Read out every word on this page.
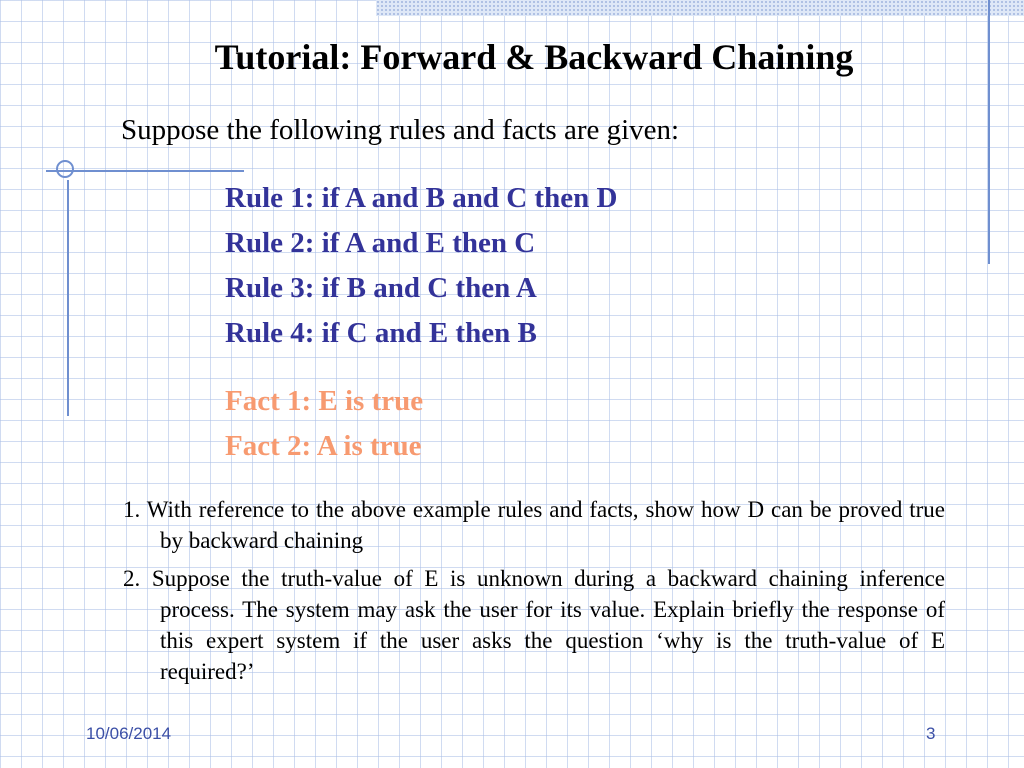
Tutorial: Forward & Backward Chaining

Suppose the following rules and facts are given:

Rule 1: if A and B and C then D

Rule 2: if A and E then C

Rule 3: if B and C then A

Rule 4: if C and E then B

Fact 1: E is true

Fact 2: A is true

1. With reference to the above example rules and facts, show how D can be proved true by backward chaining

2. Suppose the truth-value of E is unknown during a backward chaining inference process. The system may ask the user for its value. Explain briefly the response of this expert system if the user asks the question ‘why is the truth-value of E required?’

10/06/2014	3
